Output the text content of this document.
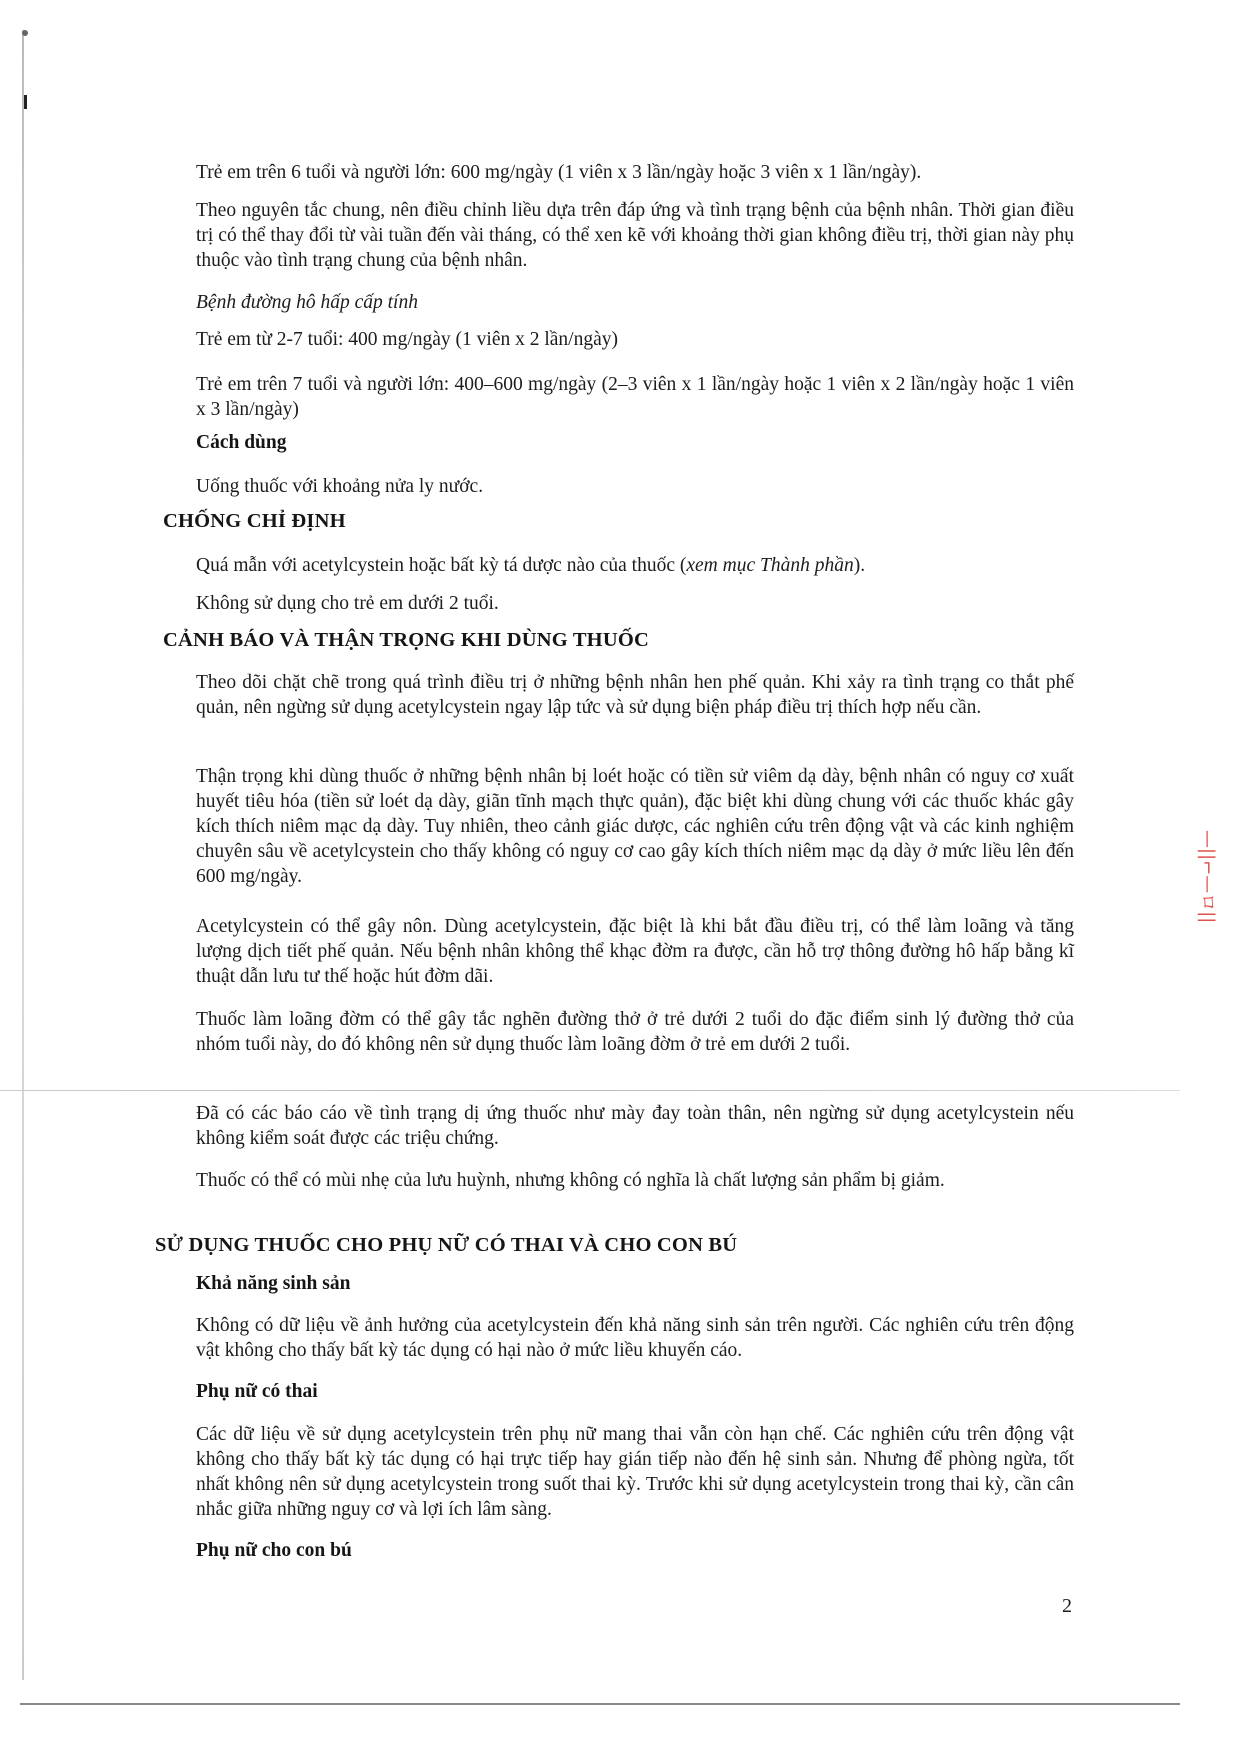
—||⌐—ロ||

Trẻ em trên 6 tuổi và người lớn: 600 mg/ngày (1 viên x 3 lần/ngày hoặc 3 viên x 1 lần/ngày).

Theo nguyên tắc chung, nên điều chỉnh liều dựa trên đáp ứng và tình trạng bệnh của bệnh nhân. Thời gian điều trị có thể thay đổi từ vài tuần đến vài tháng, có thể xen kẽ với khoảng thời gian không điều trị, thời gian này phụ thuộc vào tình trạng chung của bệnh nhân.

Bệnh đường hô hấp cấp tính

Trẻ em từ 2-7 tuổi: 400 mg/ngày (1 viên x 2 lần/ngày)

Trẻ em trên 7 tuổi và người lớn: 400–600 mg/ngày (2–3 viên x 1 lần/ngày hoặc 1 viên x 2 lần/ngày hoặc 1 viên x 3 lần/ngày)

Cách dùng

Uống thuốc với khoảng nửa ly nước.

CHỐNG CHỈ ĐỊNH

Quá mẫn với acetylcystein hoặc bất kỳ tá dược nào của thuốc (xem mục Thành phần).

Không sử dụng cho trẻ em dưới 2 tuổi.

CẢNH BÁO VÀ THẬN TRỌNG KHI DÙNG THUỐC

Theo dõi chặt chẽ trong quá trình điều trị ở những bệnh nhân hen phế quản. Khi xảy ra tình trạng co thắt phế quản, nên ngừng sử dụng acetylcystein ngay lập tức và sử dụng biện pháp điều trị thích hợp nếu cần.

Thận trọng khi dùng thuốc ở những bệnh nhân bị loét hoặc có tiền sử viêm dạ dày, bệnh nhân có nguy cơ xuất huyết tiêu hóa (tiền sử loét dạ dày, giãn tĩnh mạch thực quản), đặc biệt khi dùng chung với các thuốc khác gây kích thích niêm mạc dạ dày. Tuy nhiên, theo cảnh giác dược, các nghiên cứu trên động vật và các kinh nghiệm chuyên sâu về acetylcystein cho thấy không có nguy cơ cao gây kích thích niêm mạc dạ dày ở mức liều lên đến 600 mg/ngày.

Acetylcystein có thể gây nôn. Dùng acetylcystein, đặc biệt là khi bắt đầu điều trị, có thể làm loãng và tăng lượng dịch tiết phế quản. Nếu bệnh nhân không thể khạc đờm ra được, cần hỗ trợ thông đường hô hấp bằng kĩ thuật dẫn lưu tư thế hoặc hút đờm dãi.

Thuốc làm loãng đờm có thể gây tắc nghẽn đường thở ở trẻ dưới 2 tuổi do đặc điểm sinh lý đường thở của nhóm tuổi này, do đó không nên sử dụng thuốc làm loãng đờm ở trẻ em dưới 2 tuổi.

Đã có các báo cáo về tình trạng dị ứng thuốc như mày đay toàn thân, nên ngừng sử dụng acetylcystein nếu không kiểm soát được các triệu chứng.

Thuốc có thể có mùi nhẹ của lưu huỳnh, nhưng không có nghĩa là chất lượng sản phẩm bị giảm.

SỬ DỤNG THUỐC CHO PHỤ NỮ CÓ THAI VÀ CHO CON BÚ

Khả năng sinh sản

Không có dữ liệu về ảnh hưởng của acetylcystein đến khả năng sinh sản trên người. Các nghiên cứu trên động vật không cho thấy bất kỳ tác dụng có hại nào ở mức liều khuyến cáo.

Phụ nữ có thai

Các dữ liệu về sử dụng acetylcystein trên phụ nữ mang thai vẫn còn hạn chế. Các nghiên cứu trên động vật không cho thấy bất kỳ tác dụng có hại trực tiếp hay gián tiếp nào đến hệ sinh sản. Nhưng để phòng ngừa, tốt nhất không nên sử dụng acetylcystein trong suốt thai kỳ. Trước khi sử dụng acetylcystein trong thai kỳ, cần cân nhắc giữa những nguy cơ và lợi ích lâm sàng.

Phụ nữ cho con bú

2
